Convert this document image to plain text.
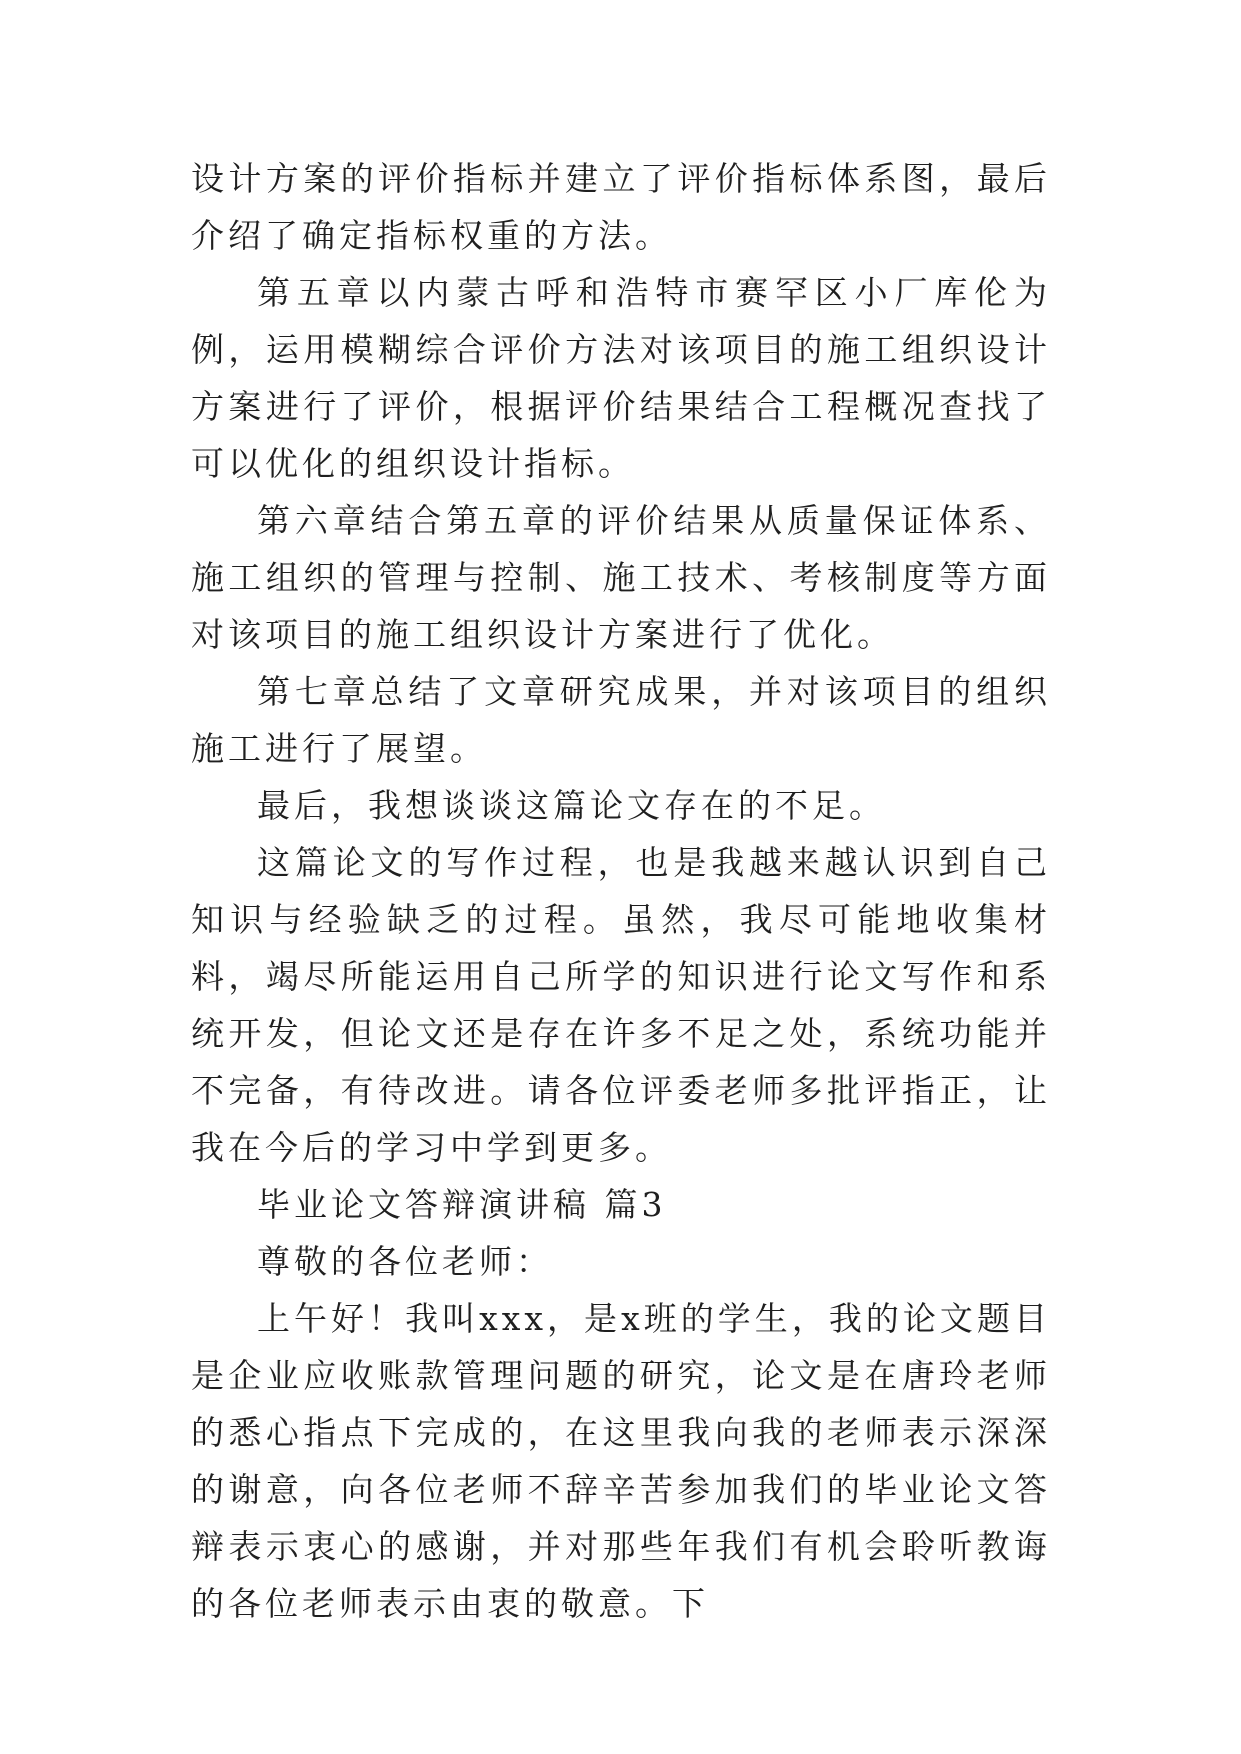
设计方案的评价指标并建立了评价指标体系图，最后介绍了确定指标权重的方法。

第五章以内蒙古呼和浩特市赛罕区小厂库伦为例，运用模糊综合评价方法对该项目的施工组织设计方案进行了评价，根据评价结果结合工程概况查找了可以优化的组织设计指标。

第六章结合第五章的评价结果从质量保证体系、施工组织的管理与控制、施工技术、考核制度等方面对该项目的施工组织设计方案进行了优化。

第七章总结了文章研究成果，并对该项目的组织施工进行了展望。

最后，我想谈谈这篇论文存在的不足。

这篇论文的写作过程，也是我越来越认识到自己知识与经验缺乏的过程。虽然，我尽可能地收集材料，竭尽所能运用自己所学的知识进行论文写作和系统开发，但论文还是存在许多不足之处，系统功能并不完备，有待改进。请各位评委老师多批评指正，让我在今后的学习中学到更多。

毕业论文答辩演讲稿 篇3

尊敬的各位老师：

上午好！我叫xxx，是x班的学生，我的论文题目是企业应收账款管理问题的研究，论文是在唐玲老师的悉心指点下完成的，在这里我向我的老师表示深深的谢意，向各位老师不辞辛苦参加我们的毕业论文答辩表示衷心的感谢，并对那些年我们有机会聆听教诲的各位老师表示由衷的敬意。下
